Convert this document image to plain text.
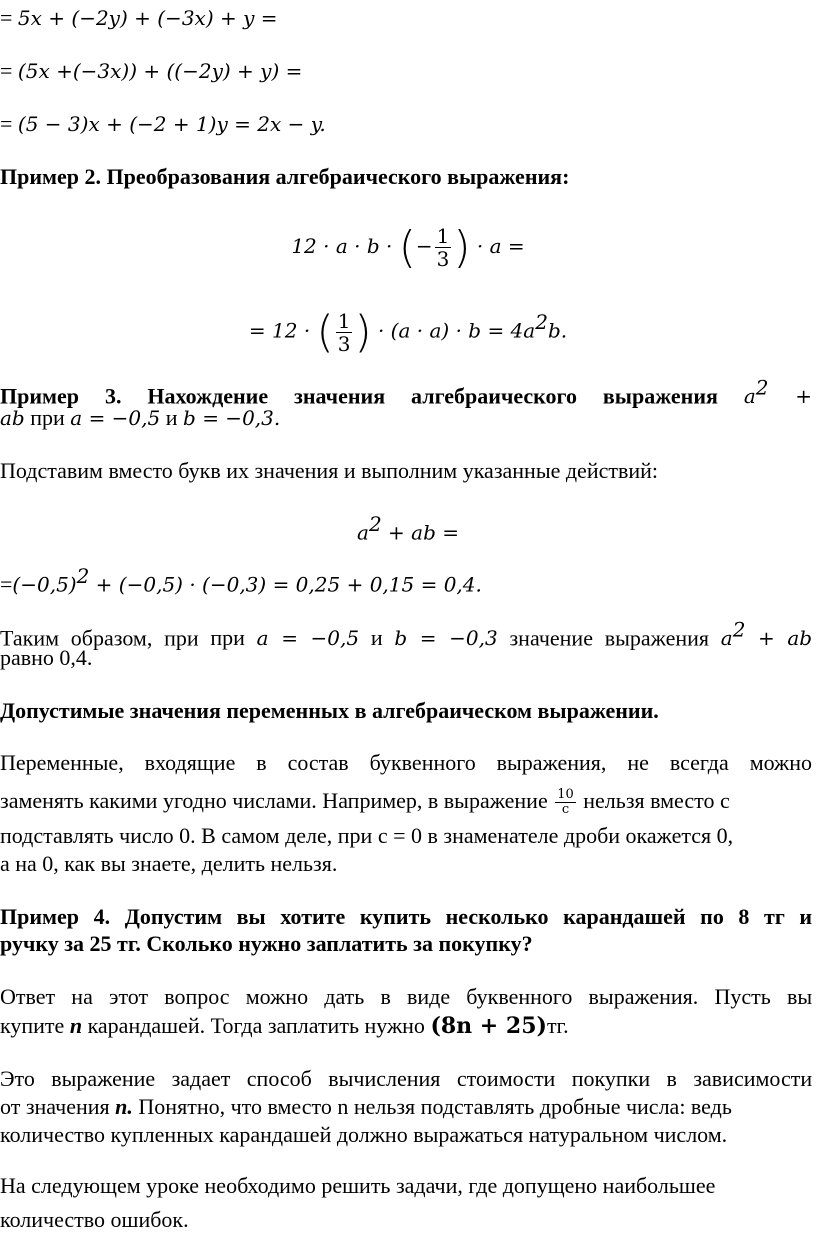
= 5x + (−2y) + (−3x) + y =
= (5x +(−3x)) + ((−2y) + y) =
= (5 − 3)x + (−2 + 1)y = 2x − y.
Пример 2. Преобразования алгебраического выражения:
12 · a · b · (− $\frac{1}{3}$ ) · a =
= 12 · ( $\frac{1}{3}$ ) · $(a \cdot a) \cdot b = 4a^2b$.
Пример 3. Нахождение значения алгебраического выражения $a^2$ +
ab при a = −0,5 и b = −0,3.
Подставим вместо букв их значения и выполним указанные действий:
$a^2$ + ab =
$=(-0,5)^2 + (-0,5) \cdot (-0,3) = 0,25 + 0,15 = 0,4$.
Таким образом, при при a = −0,5 и b = −0,3 значение выражения $a^2$ + ab
равно 0,4.
Допустимые значения переменных в алгебраическом выражении.
Переменные, входящие в состав буквенного выражения, не всегда можно
заменять какими угодно числами. Например, в выражение $\frac{10}{c}$ нельзя вместо с
подставлять число 0. В самом деле, при с = 0 в знаменателе дроби окажется 0,
а на 0, как вы знаете, делить нельзя.
Пример 4. Допустим вы хотите купить несколько карандашей по 8 тг и
ручку за 25 тг. Сколько нужно заплатить за покупку?
Ответ на этот вопрос можно дать в виде буквенного выражения. Пусть вы
купите n карандашей. Тогда заплатить нужно (8n + 25)тг.
Это выражение задает способ вычисления стоимости покупки в зависимости
от значения n. Понятно, что вместо n нельзя подставлять дробные числа: ведь
количество купленных карандашей должно выражаться натуральном числом.
На следующем уроке необходимо решить задачи, где допущено наибольшее
количество ошибок.
